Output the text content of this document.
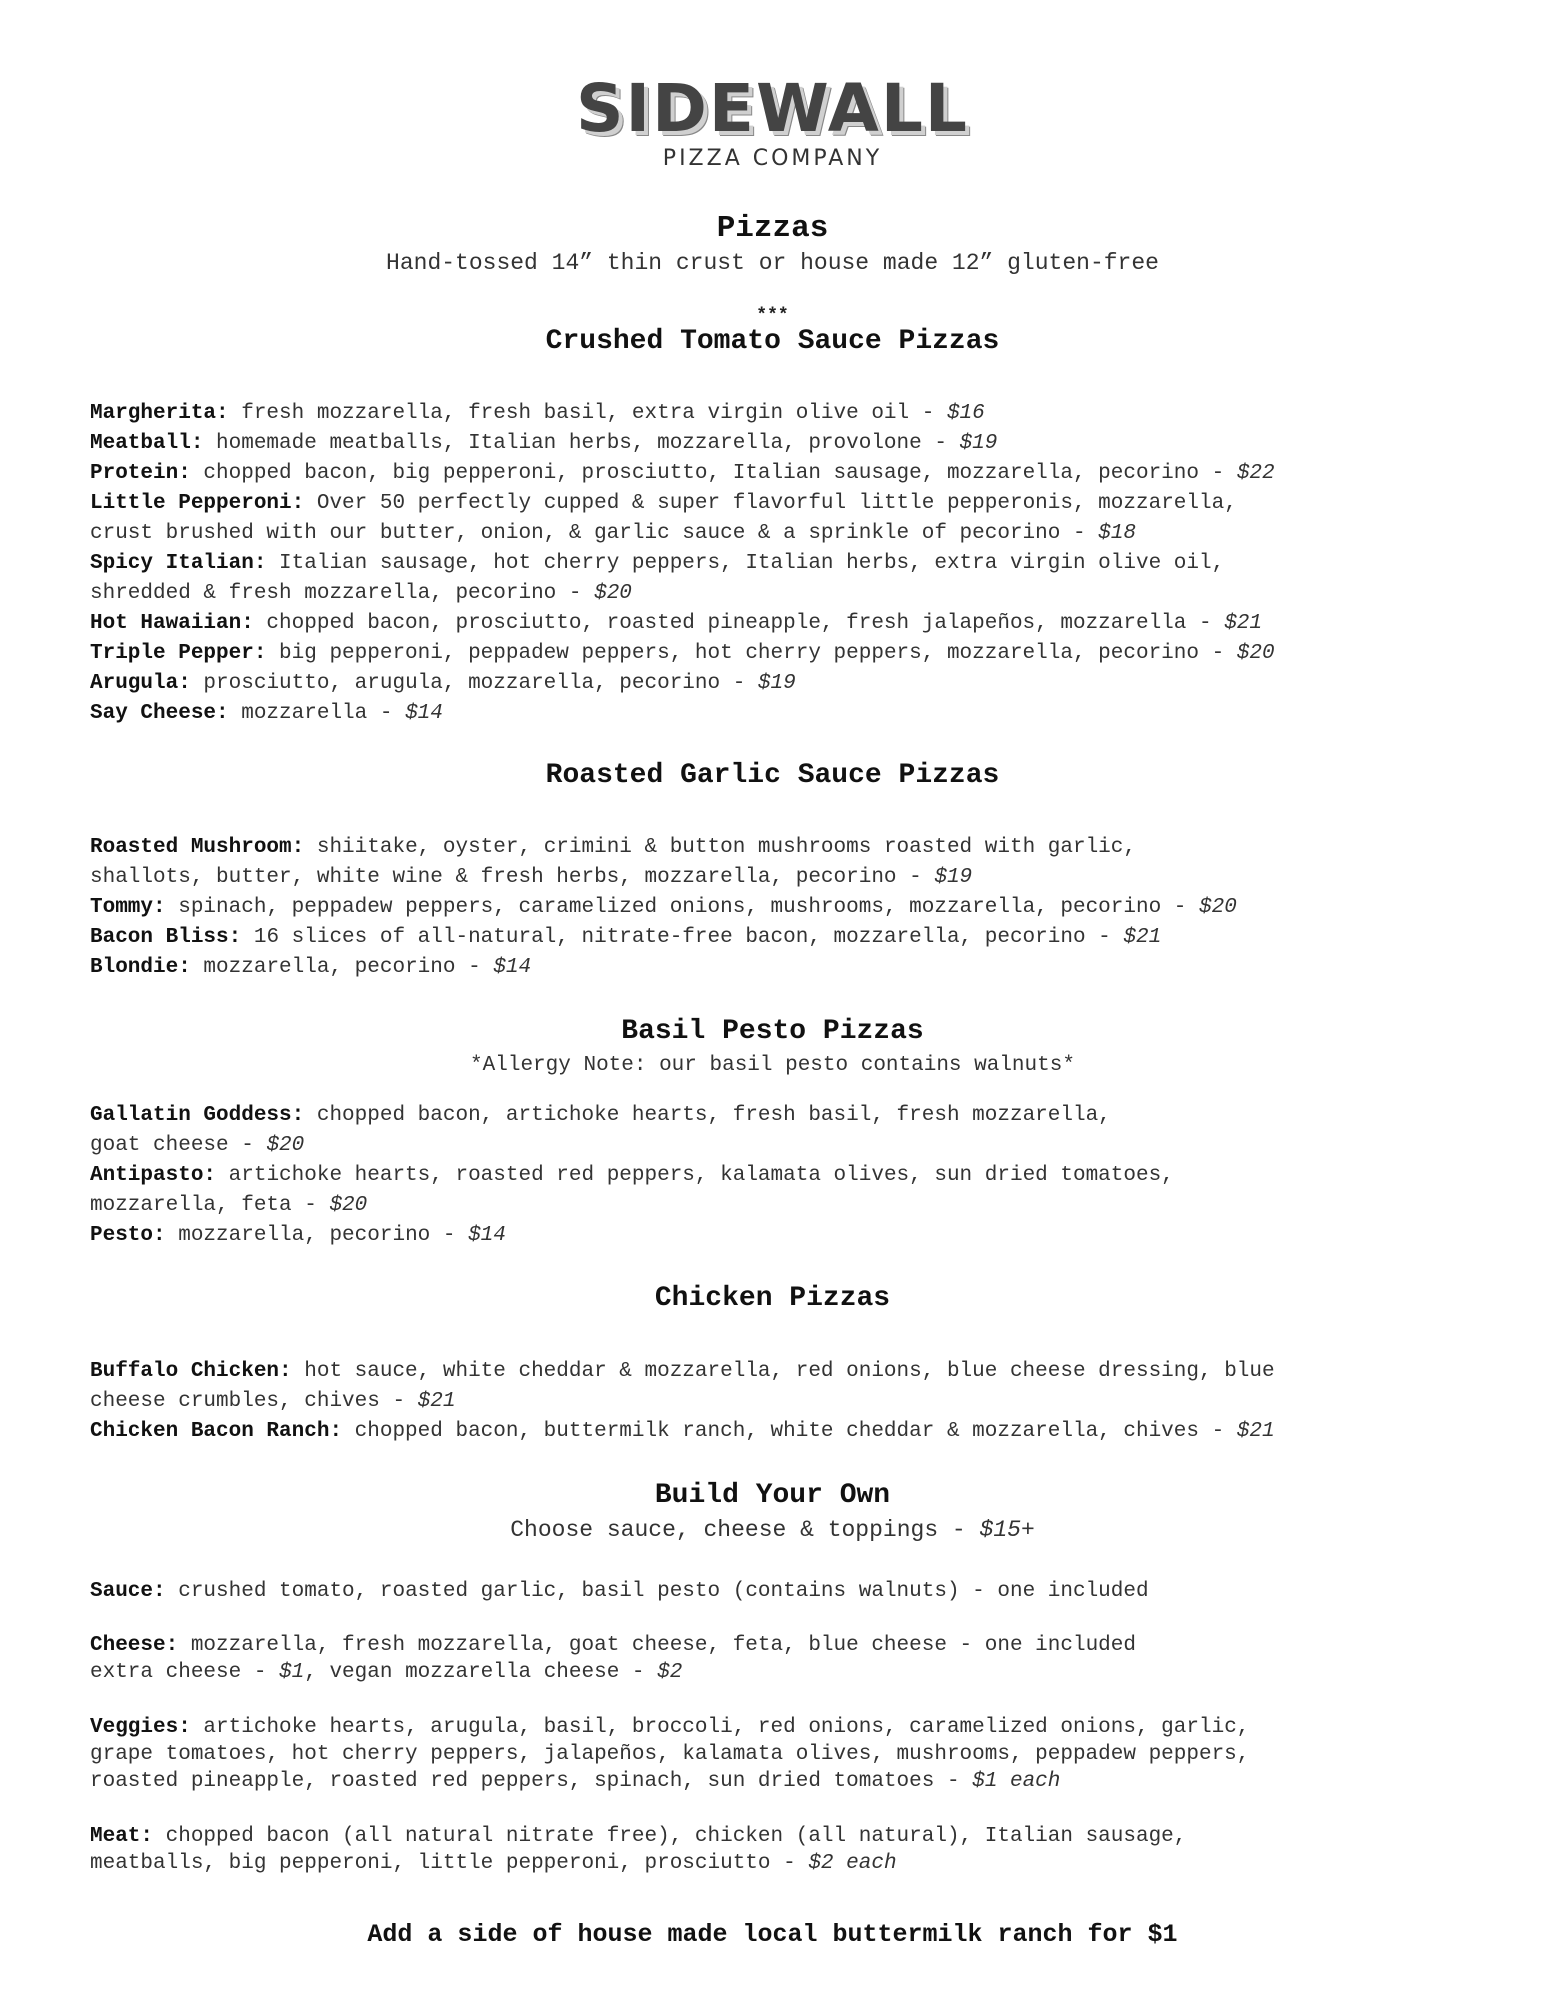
SIDEWALL
PIZZA COMPANY
Pizzas
Hand-tossed 14” thin crust or house made 12” gluten-free
***
Crushed Tomato Sauce Pizzas
Margherita: fresh mozzarella, fresh basil, extra virgin olive oil - $16
Meatball: homemade meatballs, Italian herbs, mozzarella, provolone - $19
Protein: chopped bacon, big pepperoni, prosciutto, Italian sausage, mozzarella, pecorino - $22
Little Pepperoni: Over 50 perfectly cupped & super flavorful little pepperonis, mozzarella,
crust brushed with our butter, onion, & garlic sauce & a sprinkle of pecorino - $18
Spicy Italian: Italian sausage, hot cherry peppers, Italian herbs, extra virgin olive oil,
shredded & fresh mozzarella, pecorino - $20
Hot Hawaiian: chopped bacon, prosciutto, roasted pineapple, fresh jalapeños, mozzarella - $21
Triple Pepper: big pepperoni, peppadew peppers, hot cherry peppers, mozzarella, pecorino - $20
Arugula: prosciutto, arugula, mozzarella, pecorino - $19
Say Cheese: mozzarella - $14
Roasted Garlic Sauce Pizzas
Roasted Mushroom: shiitake, oyster, crimini & button mushrooms roasted with garlic,
shallots, butter, white wine & fresh herbs, mozzarella, pecorino - $19
Tommy: spinach, peppadew peppers, caramelized onions, mushrooms, mozzarella, pecorino - $20
Bacon Bliss: 16 slices of all-natural, nitrate-free bacon, mozzarella, pecorino - $21
Blondie: mozzarella, pecorino - $14
Basil Pesto Pizzas
*Allergy Note: our basil pesto contains walnuts*
Gallatin Goddess: chopped bacon, artichoke hearts, fresh basil, fresh mozzarella,
goat cheese - $20
Antipasto: artichoke hearts, roasted red peppers, kalamata olives, sun dried tomatoes,
mozzarella, feta - $20
Pesto: mozzarella, pecorino - $14
Chicken Pizzas
Buffalo Chicken: hot sauce, white cheddar & mozzarella, red onions, blue cheese dressing, blue
cheese crumbles, chives - $21
Chicken Bacon Ranch: chopped bacon, buttermilk ranch, white cheddar & mozzarella, chives - $21
Build Your Own
Choose sauce, cheese & toppings - $15+
Sauce: crushed tomato, roasted garlic, basil pesto (contains walnuts) - one included
Cheese: mozzarella, fresh mozzarella, goat cheese, feta, blue cheese - one included
extra cheese - $1, vegan mozzarella cheese - $2
Veggies: artichoke hearts, arugula, basil, broccoli, red onions, caramelized onions, garlic,
grape tomatoes, hot cherry peppers, jalapeños, kalamata olives, mushrooms, peppadew peppers,
roasted pineapple, roasted red peppers, spinach, sun dried tomatoes - $1 each
Meat: chopped bacon (all natural nitrate free), chicken (all natural), Italian sausage,
meatballs, big pepperoni, little pepperoni, prosciutto - $2 each
Add a side of house made local buttermilk ranch for $1
